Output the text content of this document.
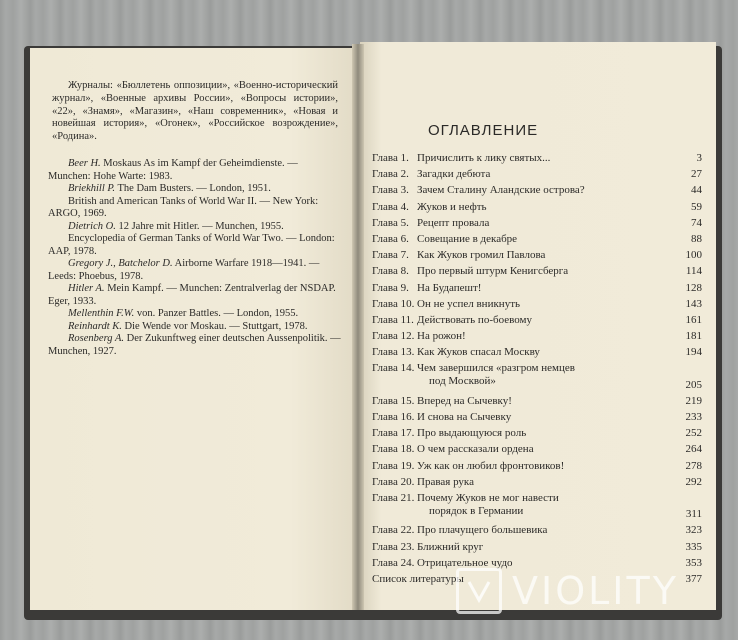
Журналы: «Бюллетень оппозиции», «Военно-исторический журнал», «Военные архивы России», «Вопросы истории», «22», «Знамя», «Магазин», «Наш современник», «Новая и новейшая история», «Огонек», «Российское возрождение», «Родина».
Beer H. Moskaus As im Kampf der Geheimdienste. — Munchen: Hohe Warte: 1983.
Briekhill P. The Dam Busters. — London, 1951.
British and American Tanks of World War II. — New York: ARGO, 1969.
Dietrich O. 12 Jahre mit Hitler. — Munchen, 1955.
Encyclopedia of German Tanks of World War Two. — London: AAP, 1978.
Gregory J., Batchelor D. Airborne Warfare 1918—1941. — Leeds: Phoebus, 1978.
Hitler A. Mein Kampf. — Munchen: Zentralverlag der NSDAP. Eger, 1933.
Mellenthin F.W. von. Panzer Battles. — London, 1955.
Reinhardt K. Die Wende vor Moskau. — Stuttgart, 1978.
Rosenberg A. Der Zukunftweg einer deutschen Aussenpolitik. — Munchen, 1927.
ОГЛАВЛЕНИЕ
Глава 1. Причислить к лику святых...	3
Глава 2. Загадки дебюта	27
Глава 3. Зачем Сталину Аландские острова?	44
Глава 4. Жуков и нефть	59
Глава 5. Рецепт провала	74
Глава 6. Совещание в декабре	88
Глава 7. Как Жуков громил Павлова	100
Глава 8. Про первый штурм Кенигсберга	114
Глава 9. На Будапешт!	128
Глава 10. Он не успел вникнуть	143
Глава 11. Действовать по-боевому	161
Глава 12. На рожон!	181
Глава 13. Как Жуков спасал Москву	194
Глава 14. Чем завершился «разгром немцев
под Москвой»	205
Глава 15. Вперед на Сычевку!	219
Глава 16. И снова на Сычевку	233
Глава 17. Про выдающуюся роль	252
Глава 18. О чем рассказали ордена	264
Глава 19. Уж как он любил фронтовиков!	278
Глава 20. Правая рука	292
Глава 21. Почему Жуков не мог навести
порядок в Германии	311
Глава 22. Про плачущего большевика	323
Глава 23. Ближний круг	335
Глава 24. Отрицательное чудо	353
Список литературы	377
VIOLITY
